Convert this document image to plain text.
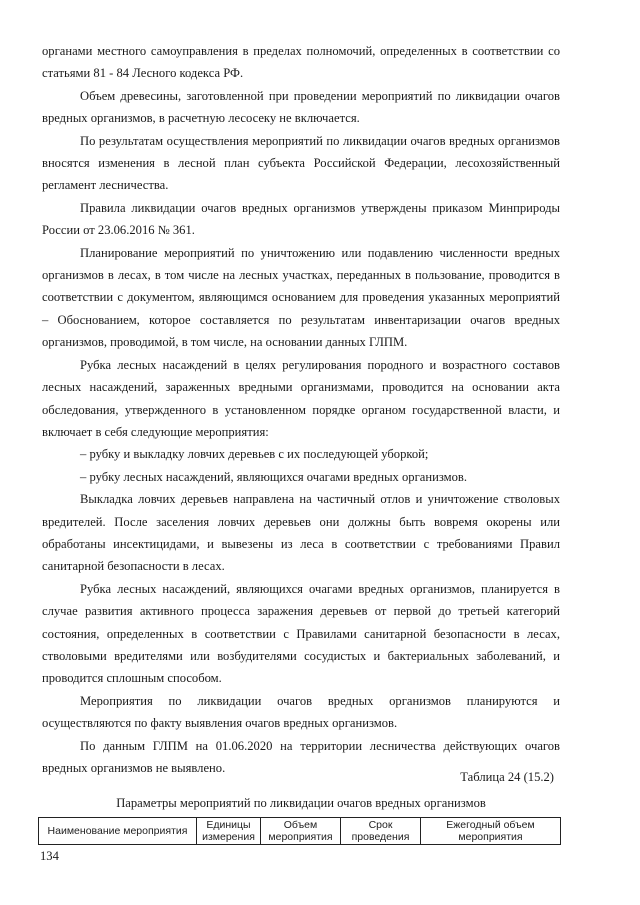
органами местного самоуправления в пределах полномочий, определенных в соответствии со статьями 81 - 84 Лесного кодекса РФ.

Объем древесины, заготовленной при проведении мероприятий по ликвидации очагов вредных организмов, в расчетную лесосеку не включается.

По результатам осуществления мероприятий по ликвидации очагов вредных организмов вносятся изменения в лесной план субъекта Российской Федерации, лесохозяйственный регламент лесничества.

Правила ликвидации очагов вредных организмов утверждены приказом Минприроды России от 23.06.2016 № 361.

Планирование мероприятий по уничтожению или подавлению численности вредных организмов в лесах, в том числе на лесных участках, переданных в пользование, проводится в соответствии с документом, являющимся основанием для проведения указанных мероприятий – Обоснованием, которое составляется по результатам инвентаризации очагов вредных организмов, проводимой, в том числе, на основании данных ГЛПМ.

Рубка лесных насаждений в целях регулирования породного и возрастного составов лесных насаждений, зараженных вредными организмами, проводится на основании акта обследования, утвержденного в установленном порядке органом государственной власти, и включает в себя следующие мероприятия:

– рубку и выкладку ловчих деревьев с их последующей уборкой;

– рубку лесных насаждений, являющихся очагами вредных организмов.

Выкладка ловчих деревьев направлена на частичный отлов и уничтожение стволовых вредителей. После заселения ловчих деревьев они должны быть вовремя окорены или обработаны инсектицидами, и вывезены из леса в соответствии с требованиями Правил санитарной безопасности в лесах.

Рубка лесных насаждений, являющихся очагами вредных организмов, планируется в случае развития активного процесса заражения деревьев от первой до третьей категорий состояния, определенных в соответствии с Правилами санитарной безопасности в лесах, стволовыми вредителями или возбудителями сосудистых и бактериальных заболеваний, и проводится сплошным способом.

Мероприятия по ликвидации очагов вредных организмов планируются и осуществляются по факту выявления очагов вредных организмов.

По данным ГЛПМ на 01.06.2020 на территории лесничества действующих очагов вредных организмов не выявлено.

Таблица 24 (15.2)
Параметры мероприятий по ликвидации очагов вредных организмов
Наименование мероприятия	Единицы измерения	Объем мероприятия	Срок проведения	Ежегодный объем мероприятия
134
